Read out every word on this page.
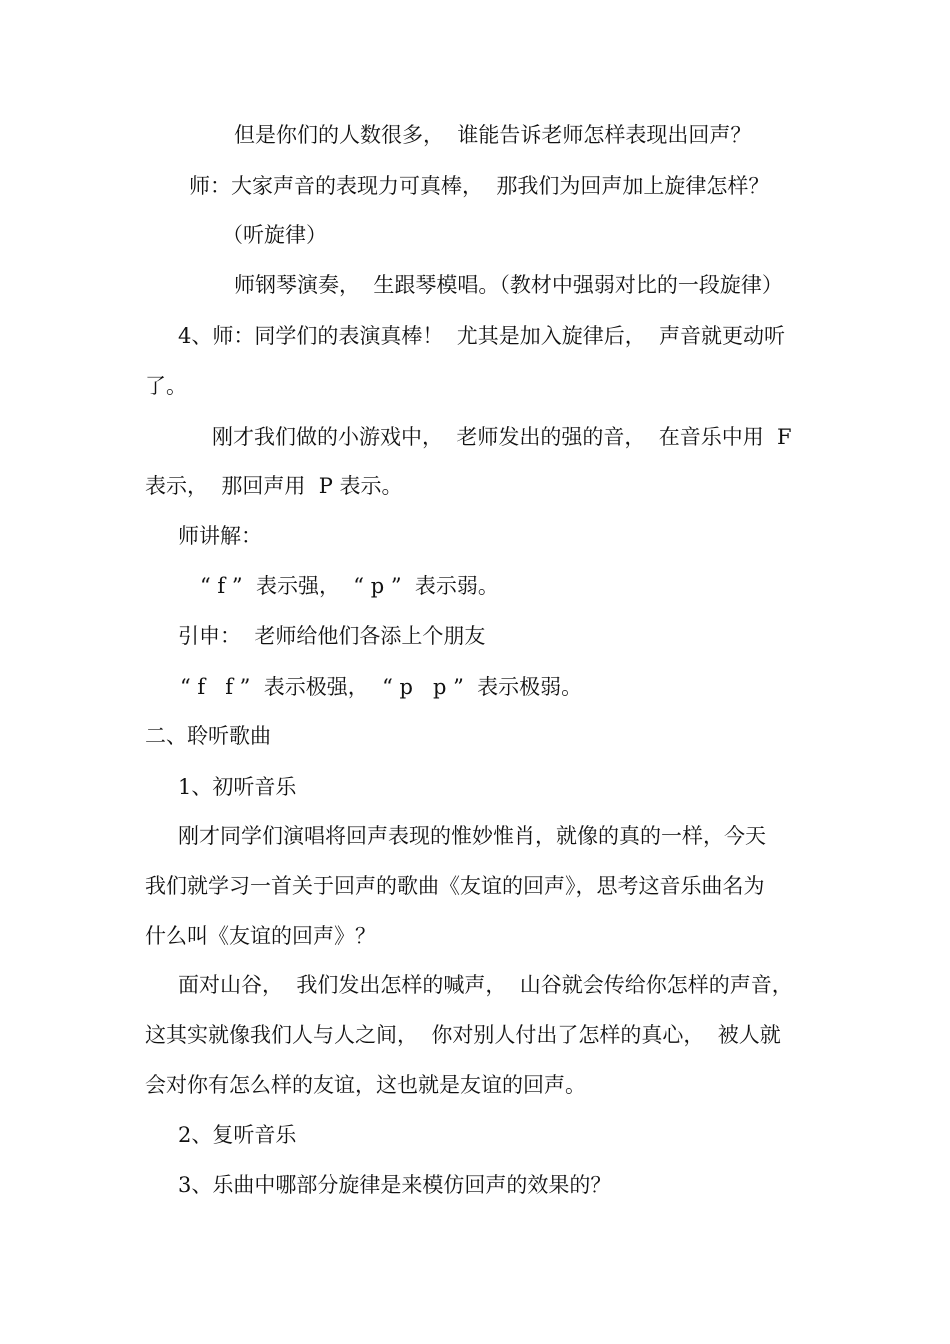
但是你们的人数很多，  谁能告诉老师怎样表现出回声？
师：大家声音的表现力可真棒，  那我们为回声加上旋律怎样？
（听旋律）
师钢琴演奏，  生跟琴模唱。（教材中强弱对比的一段旋律）
4、师：同学们的表演真棒！  尤其是加入旋律后，  声音就更动听
了。
刚才我们做的小游戏中，  老师发出的强的音，  在音乐中用  F
表示，  那回声用  P 表示。
师讲解：
“ f ”  表示强，  “ p ”  表示弱。
引申：  老师给他们各添上个朋友
“ f   f ”  表示极强，  “ p   p ”  表示极弱。
二、聆听歌曲
1、初听音乐
刚才同学们演唱将回声表现的惟妙惟肖，就像的真的一样，今天
我们就学习一首关于回声的歌曲《友谊的回声》，思考这音乐曲名为
什么叫《友谊的回声》？
面对山谷，  我们发出怎样的喊声，  山谷就会传给你怎样的声音，
这其实就像我们人与人之间，  你对别人付出了怎样的真心，  被人就
会对你有怎么样的友谊，这也就是友谊的回声。
2、复听音乐
3、乐曲中哪部分旋律是来模仿回声的效果的？
